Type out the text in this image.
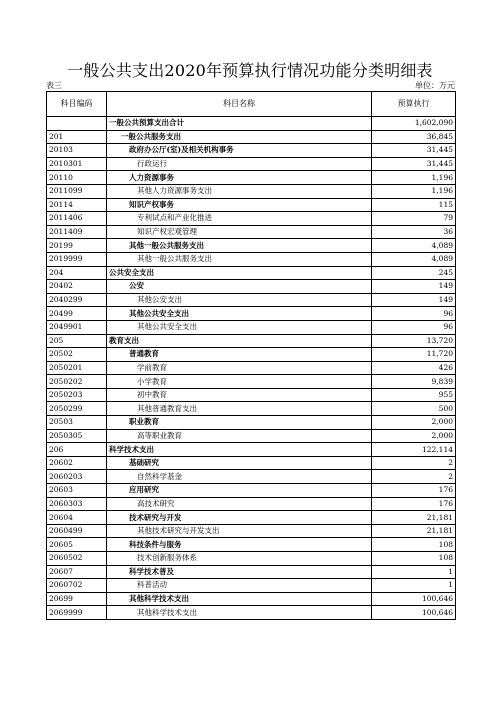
一般公共支出2020年预算执行情况功能分类明细表
表三	单位：万元
科目编码	科目名称	预算执行
	一般公共预算支出合计	1,602,090
201	一般公共服务支出	36,845
20103	政府办公厅(室)及相关机构事务	31,445
2010301	行政运行	31,445
20110	人力资源事务	1,196
2011099	其他人力资源事务支出	1,196
20114	知识产权事务	115
2011406	专利试点和产业化推进	79
2011409	知识产权宏观管理	36
20199	其他一般公共服务支出	4,089
2019999	其他一般公共服务支出	4,089
204	公共安全支出	245
20402	公安	149
2040299	其他公安支出	149
20499	其他公共安全支出	96
2049901	其他公共安全支出	96
205	教育支出	13,720
20502	普通教育	11,720
2050201	学前教育	426
2050202	小学教育	9,839
2050203	初中教育	955
2050299	其他普通教育支出	500
20503	职业教育	2,000
2050305	高等职业教育	2,000
206	科学技术支出	122,114
20602	基础研究	2
2060203	自然科学基金	2
20603	应用研究	176
2060303	高技术研究	176
20604	技术研究与开发	21,181
2060499	其他技术研究与开发支出	21,181
20605	科技条件与服务	108
2060502	技术创新服务体系	108
20607	科学技术普及	1
2060702	科普活动	1
20699	其他科学技术支出	100,646
2069999	其他科学技术支出	100,646
